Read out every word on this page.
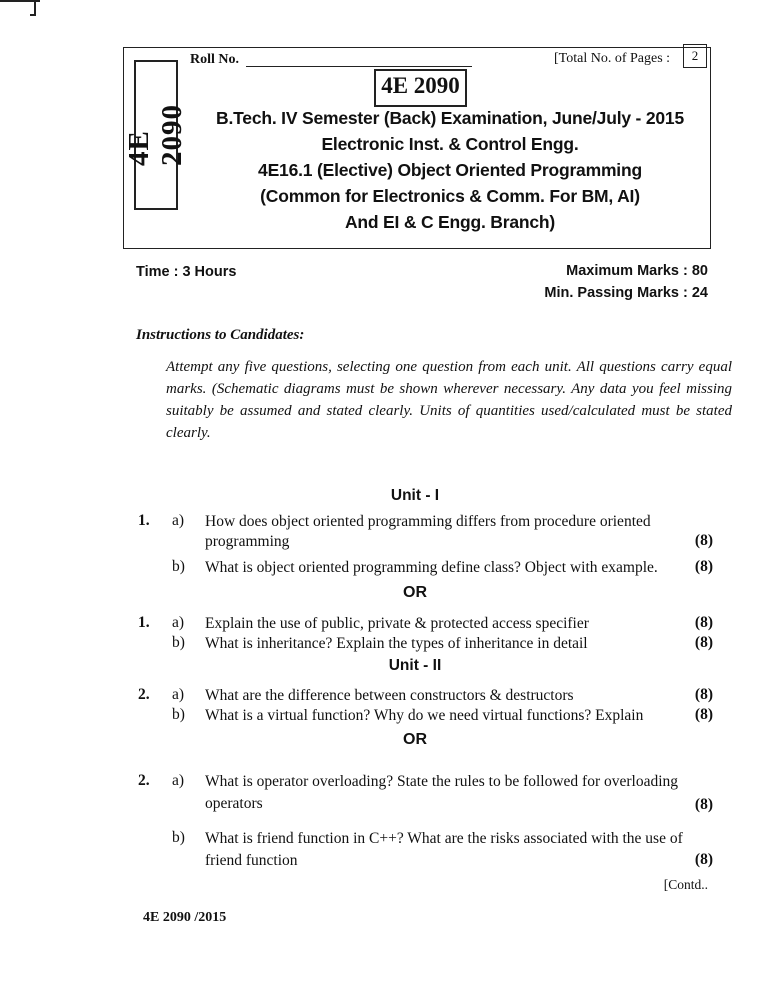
Roll No.	[Total No. of Pages :	2
4E 2090
4E 2090
B.Tech. IV Semester (Back) Examination, June/July - 2015
Electronic Inst. & Control Engg.
4E16.1 (Elective) Object Oriented Programming
(Common for Electronics & Comm. For BM, AI)
And EI & C Engg. Branch)
Time : 3 Hours	Maximum Marks : 80
Min. Passing Marks : 24
Instructions to Candidates:
Attempt any five questions, selecting one question from each unit. All questions carry equal marks. (Schematic diagrams must be shown wherever necessary. Any data you feel missing suitably be assumed and stated clearly. Units of quantities used/calculated must be stated clearly.
Unit - I
1. a) How does object oriented programming differs from procedure oriented
programming	(8)
b) What is object oriented programming define class? Object with example. (8)
OR
1. a) Explain the use of public, private & protected access specifier	(8)
b) What is inheritance? Explain the types of inheritance in detail	(8)
Unit - II
2. a) What are the difference between constructors & destructors	(8)
b) What is a virtual function? Why do we need virtual functions? Explain	(8)
OR
2. a) What is operator overloading? State the rules to be followed for overloading
operators	(8)
b) What is friend function in C++? What are the risks associated with the use of
friend function	(8)
[Contd..
4E 2090 /2015
